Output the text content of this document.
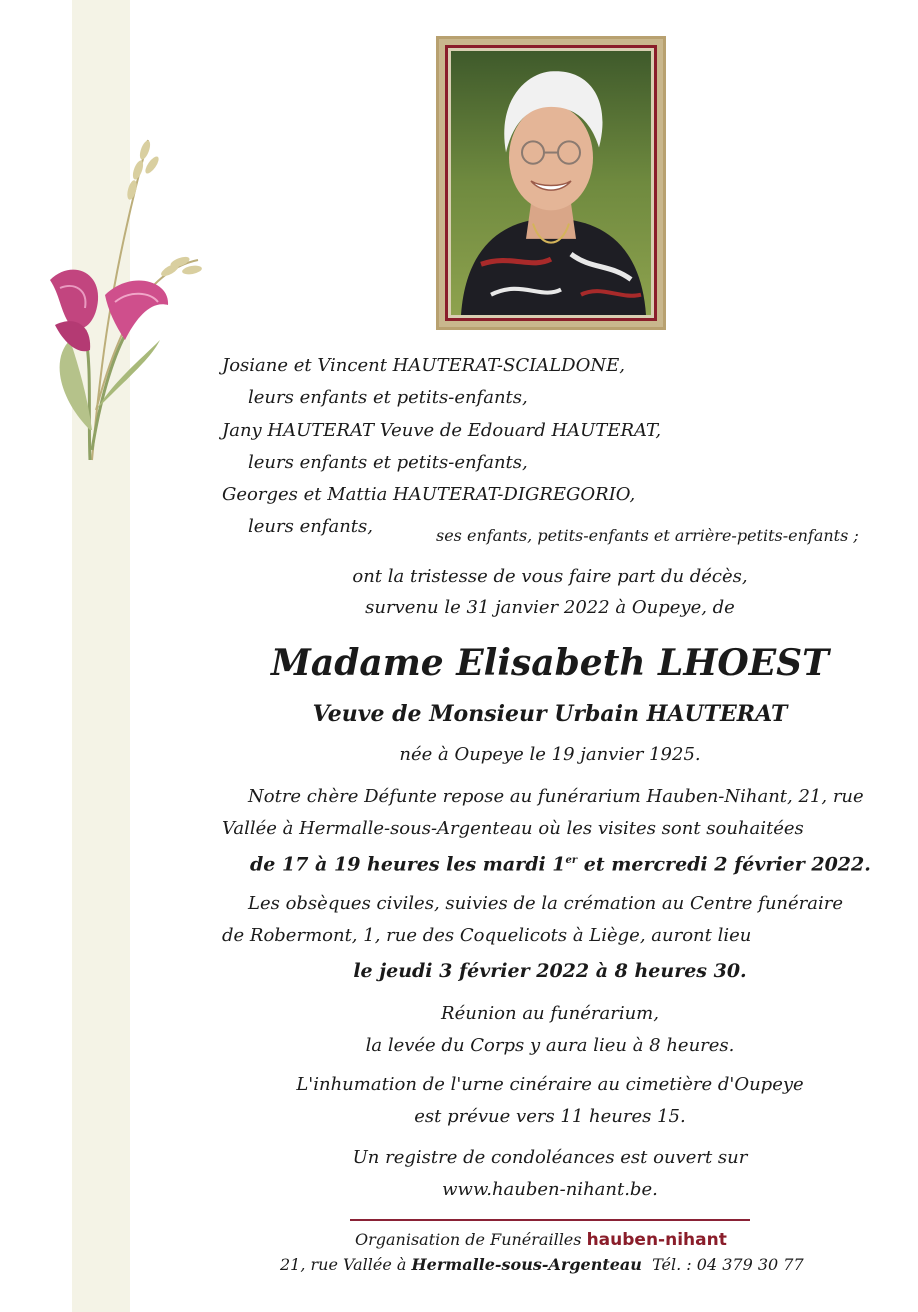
Josiane et Vincent HAUTERAT-SCIALDONE,
leurs enfants et petits-enfants,
Jany HAUTERAT Veuve de Edouard HAUTERAT,
leurs enfants et petits-enfants,
Georges et Mattia HAUTERAT-DIGREGORIO,
leurs enfants,	ses enfants, petits-enfants et arrière-petits-enfants ;
ont la tristesse de vous faire part du décès,
survenu le 31 janvier 2022 à Oupeye, de
Madame Elisabeth LHOEST
Veuve de Monsieur Urbain HAUTERAT
née à Oupeye le 19 janvier 1925.
Notre chère Défunte repose au funérarium Hauben-Nihant, 21, rue
Vallée à Hermalle-sous-Argenteau où les visites sont souhaitées
de 17 à 19 heures les mardi 1er et mercredi 2 février 2022.
Les obsèques civiles, suivies de la crémation au Centre funéraire
de Robermont, 1, rue des Coquelicots à Liège, auront lieu
le jeudi 3 février 2022 à 8 heures 30.
Réunion au funérarium,
la levée du Corps y aura lieu à 8 heures.
L'inhumation de l'urne cinéraire au cimetière d'Oupeye
est prévue vers 11 heures 15.
Un registre de condoléances est ouvert sur
www.hauben-nihant.be.
Organisation de Funérailles hauben-nihant
21, rue Vallée à Hermalle-sous-Argenteau  Tél. : 04 379 30 77
